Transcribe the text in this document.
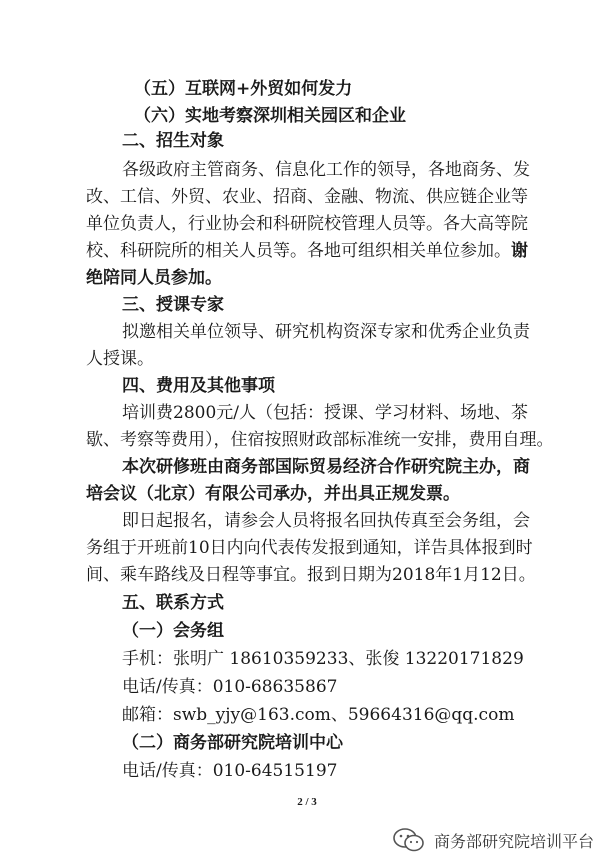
（五）互联网+外贸如何发力
（六）实地考察深圳相关园区和企业
二、招生对象
各级政府主管商务、信息化工作的领导，各地商务、发
改、工信、外贸、农业、招商、金融、物流、供应链企业等
单位负责人，行业协会和科研院校管理人员等。各大高等院
校、科研院所的相关人员等。各地可组织相关单位参加。谢
绝陪同人员参加。
三、授课专家
拟邀相关单位领导、研究机构资深专家和优秀企业负责
人授课。
四、费用及其他事项
培训费2800元/人（包括：授课、学习材料、场地、茶
歇、考察等费用），住宿按照财政部标准统一安排，费用自理。
本次研修班由商务部国际贸易经济合作研究院主办，商
培会议（北京）有限公司承办，并出具正规发票。
即日起报名，请参会人员将报名回执传真至会务组，会
务组于开班前10日内向代表传发报到通知，详告具体报到时
间、乘车路线及日程等事宜。报到日期为2018年1月12日。
五、联系方式
（一）会务组
手机：张明广 18610359233、张俊 13220171829
电话/传真：010-68635867
邮箱：swb_yjy@163.com、59664316@qq.com
（二）商务部研究院培训中心
电话/传真：010-64515197
2 / 3
商务部研究院培训平台
